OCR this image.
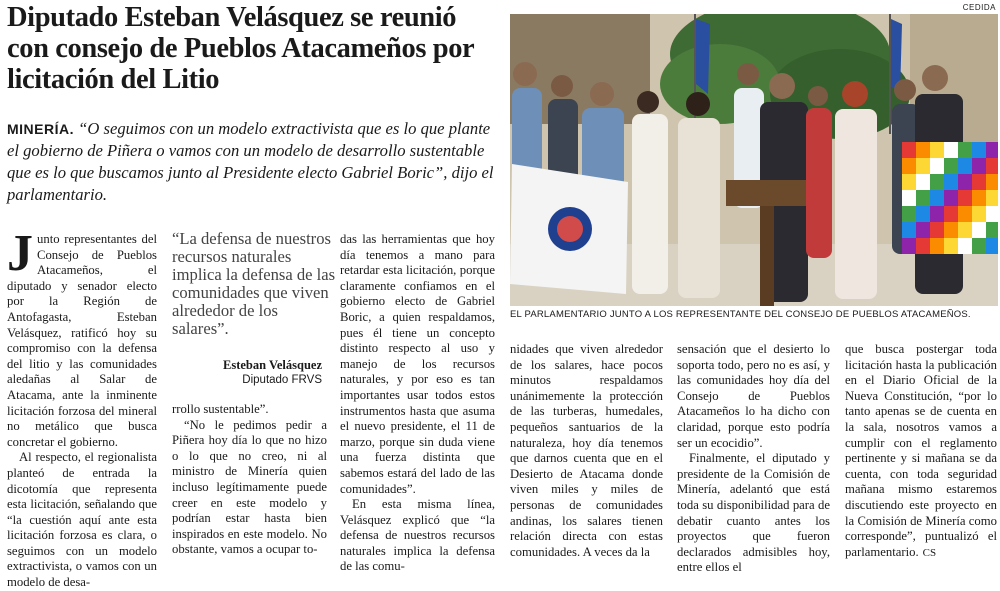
Diputado Esteban Velásquez se reunió con consejo de Pueblos Atacameños por licitación del Litio

MINERÍA. “O seguimos con un modelo extractivista que es lo que plante el gobierno de Piñera o vamos con un modelo de desarrollo sustentable que es lo que buscamos junto al Presidente electo Gabriel Boric”, dijo el parlamentario.

Junto representantes del Consejo de Pueblos Atacameños, el diputado y senador electo por la Región de Antofagasta, Esteban Velásquez, ratificó hoy su compromiso con la defensa del litio y las comunidades aledañas al Salar de Atacama, ante la inminente licitación forzosa del mineral no metálico que busca concretar el gobierno.

Al respecto, el regionalista planteó de entrada la dicotomía que representa esta licitación, señalando que “la cuestión aquí ante esta licitación forzosa es clara, o seguimos con un modelo extractivista, o vamos con un modelo de desa-

“La defensa de nuestros recursos naturales implica la defensa de las comunidades que viven alrededor de los salares”.

Esteban Velásquez

Diputado FRVS

rrollo sustentable”.

“No le pedimos pedir a Piñera hoy día lo que no hizo o lo que no creo, ni al ministro de Minería quien incluso legítimamente puede creer en este modelo y podrían estar hasta bien inspirados en este modelo. No obstante, vamos a ocupar to-

das las herramientas que hoy día tenemos a mano para retardar esta licitación, porque claramente confiamos en el gobierno electo de Gabriel Boric, a quien respaldamos, pues él tiene un concepto distinto respecto al uso y manejo de los recursos naturales, y por eso es tan importantes usar todos estos instrumentos hasta que asuma el nuevo presidente, el 11 de marzo, porque sin duda viene una fuerza distinta que sabemos estará del lado de las comunidades”.

En esta misma línea, Velásquez explicó que “la defensa de nuestros recursos naturales implica la defensa de las comu-

nidades que viven alrededor de los salares, hace pocos minutos respaldamos unánimemente la protección de las turberas, humedales, pequeños santuarios de la naturaleza, hoy día tenemos que darnos cuenta que en el Desierto de Atacama donde viven miles y miles de personas de comunidades andinas, los salares tienen relación directa con estas comunidades. A veces da la

sensación que el desierto lo soporta todo, pero no es así, y las comunidades hoy día del Consejo de Pueblos Atacameños lo ha dicho con claridad, porque esto podría ser un ecocidio”.

Finalmente, el diputado y presidente de la Comisión de Minería, adelantó que está toda su disponibilidad para de debatir cuanto antes los proyectos que fueron declarados admisibles hoy, entre ellos el

que busca postergar toda licitación hasta la publicación en el Diario Oficial de la Nueva Constitución, “por lo tanto apenas se de cuenta en la sala, nosotros vamos a cumplir con el reglamento pertinente y si mañana se da cuenta, con toda seguridad mañana mismo estaremos discutiendo este proyecto en la Comisión de Minería como corresponde”, puntualizó el parlamentario. CS

CEDIDA

EL PARLAMENTARIO JUNTO A LOS REPRESENTANTE DEL CONSEJO DE PUEBLOS ATACAMEÑOS.
